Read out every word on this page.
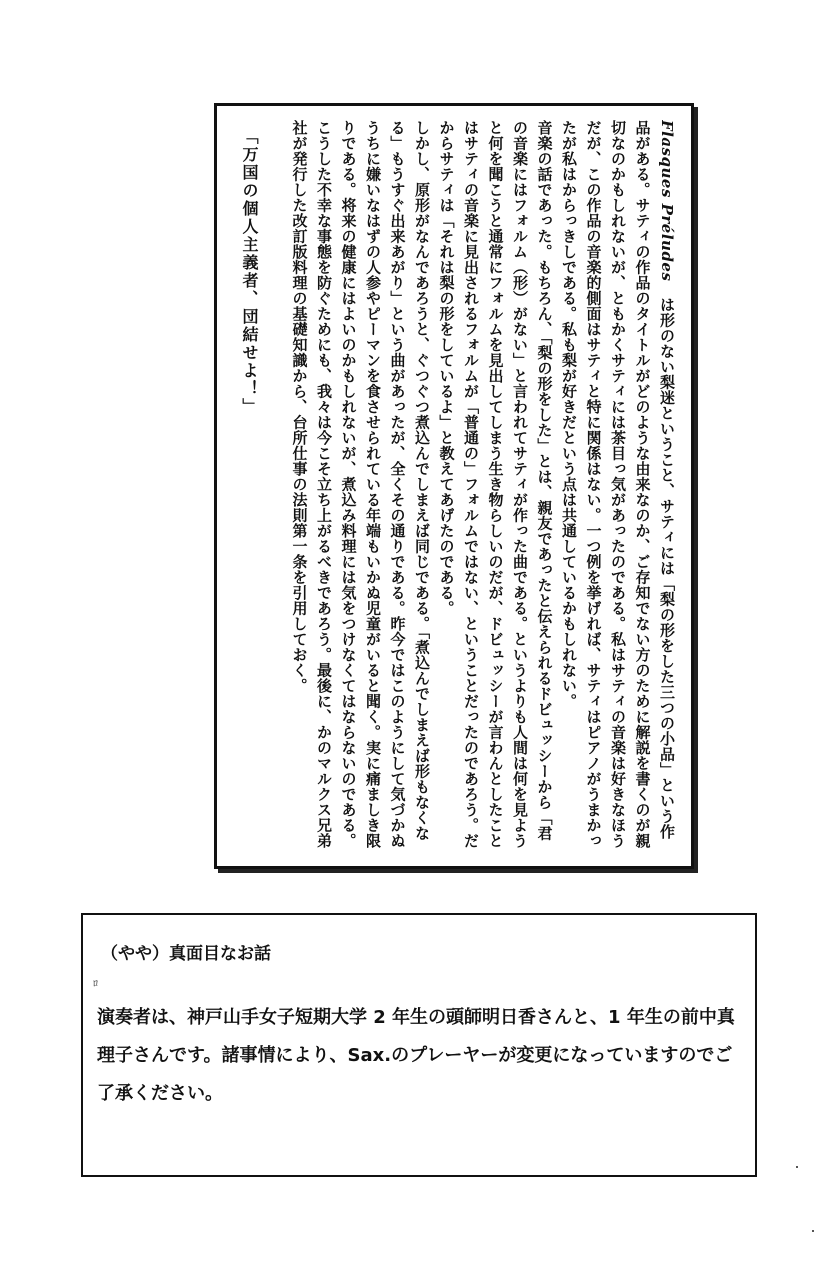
Flasques Préludes　は形のない梨迷ということ、サティには「梨の形をした三つの小品」という作品がある。サティの作品のタイトルがどのような由来なのか、ご存知でない方のために解説を書くのが親切なのかもしれないが、ともかくサティには茶目っ気があったのである。私はサティの音楽は好きなほうだが、この作品の音楽的側面はサティと特に関係はない。一つ例を挙げれば、サティはピアノがうまかったが私はからっきしである。私も梨が好きだという点は共通しているかもしれない。
音楽の話であった。もちろん、「梨の形をした」とは、親友であったと伝えられるドビュッシーから「君の音楽にはフォルム（形）がない」と言われてサティが作った曲である。というよりも人間は何を見ようと何を聞こうと通常にフォルムを見出してしまう生き物らしいのだが、ドビュッシーが言わんとしたことはサティの音楽に見出されるフォルムが「普通の」フォルムではない、ということだったのであろう。だからサティは「それは梨の形をしているよ」と教えてあげたのである。
しかし、原形がなんであろうと、ぐつぐつ煮込んでしまえば同じである。「煮込んでしまえば形もなくなる」もうすぐ出来あがり」という曲があったが、全くその通りである。昨今ではこのようにして気づかぬうちに嫌いなはずの人参やピーマンを食させられている年端もいかぬ児童がいると聞く。実に痛ましき限りである。将来の健康にはよいのかもしれないが、煮込み料理には気をつけなくてはならないのである。こうした不幸な事態を防ぐためにも、我々は今こそ立ち上がるべきであろう。最後に、かのマルクス兄弟社が発行した改訂版料理の基礎知識から、台所仕事の法則第一条を引用しておく。
「万国の個人主義者、団結せよ！」
（やや）真面目なお話
ﾛ
演奏者は、神戸山手女子短期大学 2 年生の頭師明日香さんと、1 年生の前中真理子さんです。諸事情により、Sax.のプレーヤーが変更になっていますのでご了承ください。
